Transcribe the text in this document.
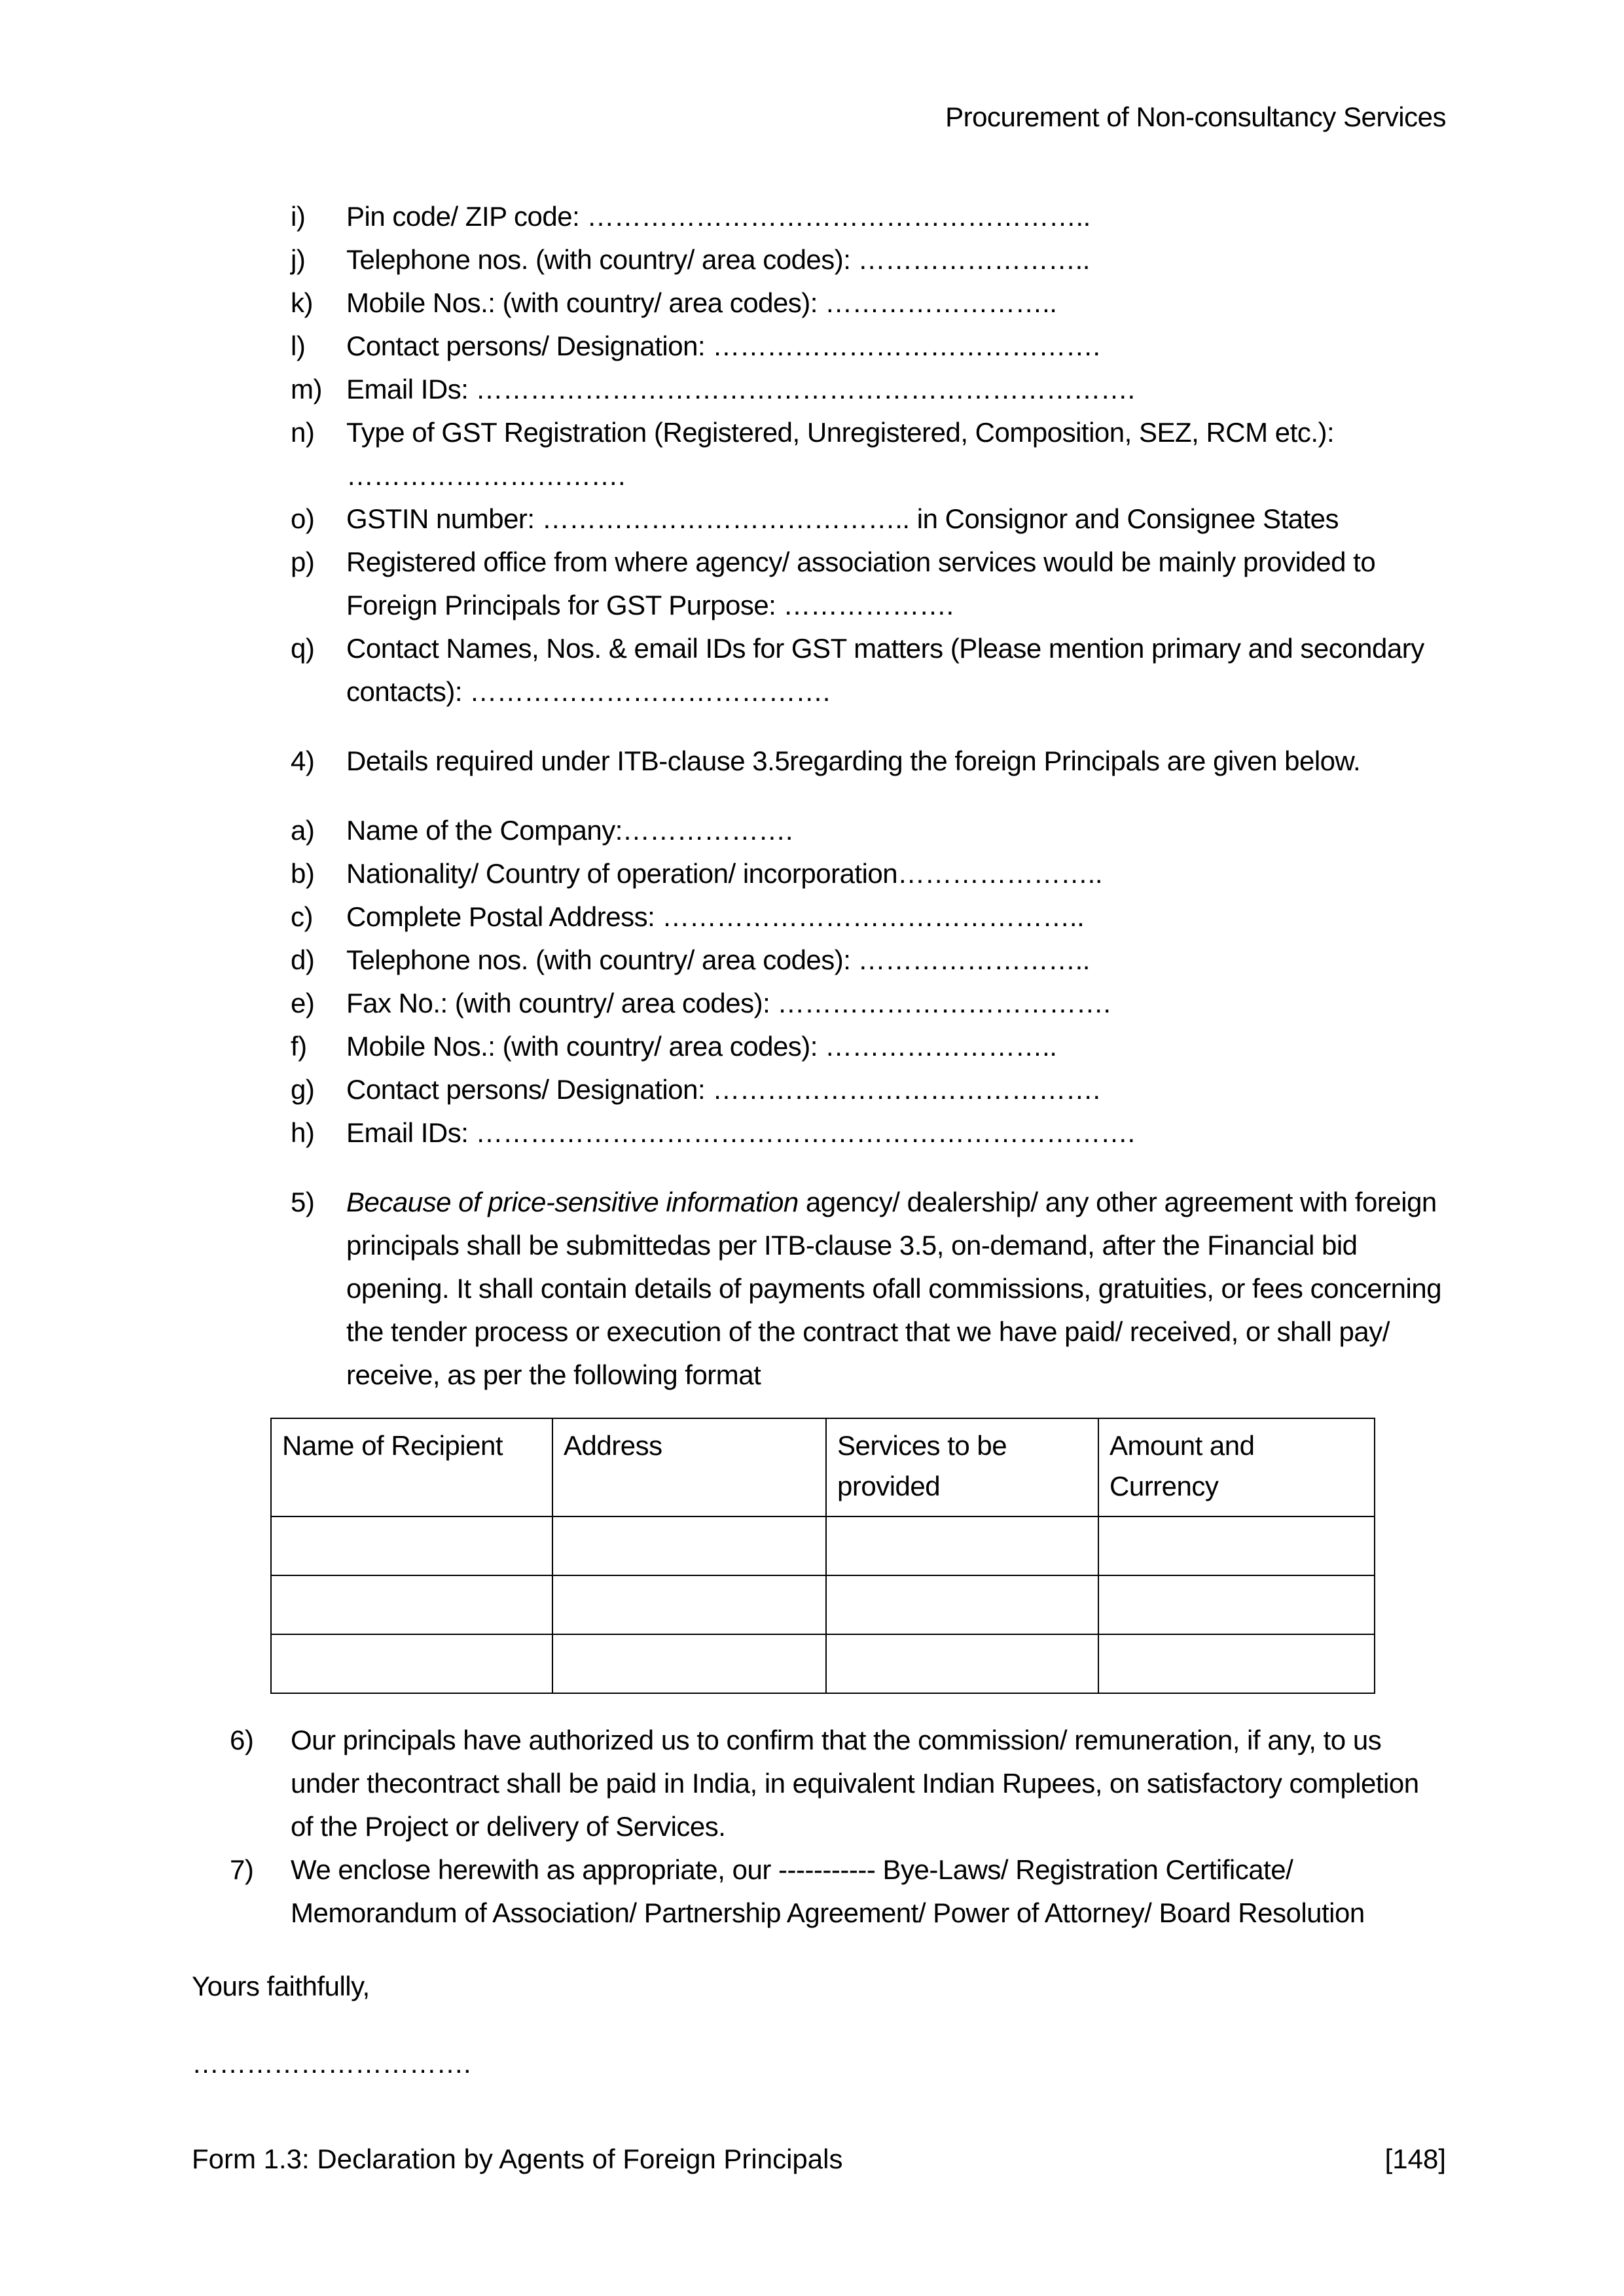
Procurement of Non-consultancy Services
i)	Pin code/ ZIP code: ………………………………………………..
j)	Telephone nos. (with country/ area codes): ……………………..
k)	Mobile Nos.: (with country/ area codes): ……………………..
l)	Contact persons/ Designation: …………………………………….
m) Email IDs: ……………………………………………………………….
n)	Type of GST Registration (Registered, Unregistered, Composition, SEZ, RCM etc.):
………………………….
o)	GSTIN number: ………………………………….. in Consignor and Consignee States
p)	Registered office from where agency/ association services would be mainly provided to Foreign Principals for GST Purpose: ……………….
q)	Contact Names, Nos. & email IDs for GST matters (Please mention primary and secondary contacts): ………………………………….
4)	Details required under ITB-clause 3.5regarding the foreign Principals are given below.
a)	Name of the Company:……………….
b)	Nationality/ Country of operation/ incorporation…………………..
c)	Complete Postal Address: ………………………………………..
d)	Telephone nos. (with country/ area codes): ……………………..
e)	Fax No.: (with country/ area codes): ……………………………….
f)	Mobile Nos.: (with country/ area codes): ……………………..
g)	Contact persons/ Designation: …………………………………….
h)	Email IDs: ……………………………………………………………….
5)	Because of price-sensitive information agency/ dealership/ any other agreement with foreign principals shall be submittedas per ITB-clause 3.5, on-demand, after the Financial bid opening. It shall contain details of payments ofall commissions, gratuities, or fees concerning the tender process or execution of the contract that we have paid/ received, or shall pay/ receive, as per the following format
Name of Recipient	Address	Services to be provided	Amount and Currency

6)	Our principals have authorized us to confirm that the commission/ remuneration, if any, to us under thecontract shall be paid in India, in equivalent Indian Rupees, on satisfactory completion of the Project or delivery of Services.
7)	We enclose herewith as appropriate, our ----------- Bye-Laws/ Registration Certificate/ Memorandum of Association/ Partnership Agreement/ Power of Attorney/ Board Resolution
Yours faithfully,
………………………….
Form 1.3: Declaration by Agents of Foreign Principals	[148]
